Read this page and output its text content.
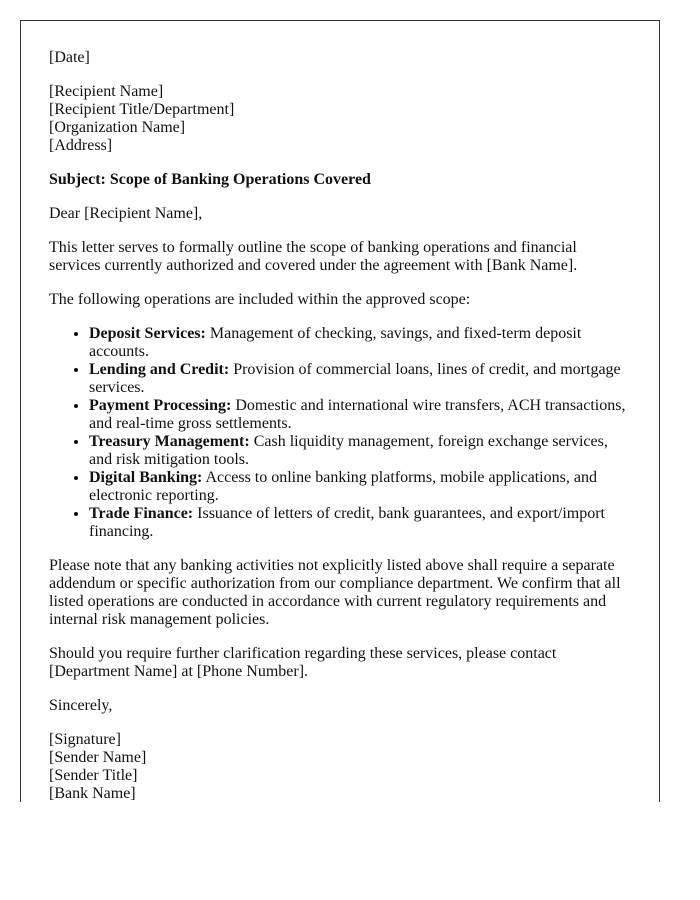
[Date]

[Recipient Name]
[Recipient Title/Department]
[Organization Name]
[Address]

Subject: Scope of Banking Operations Covered

Dear [Recipient Name],

This letter serves to formally outline the scope of banking operations and financial services currently authorized and covered under the agreement with [Bank Name].

The following operations are included within the approved scope:

• Deposit Services: Management of checking, savings, and fixed-term deposit accounts.
• Lending and Credit: Provision of commercial loans, lines of credit, and mortgage services.
• Payment Processing: Domestic and international wire transfers, ACH transactions, and real-time gross settlements.
• Treasury Management: Cash liquidity management, foreign exchange services, and risk mitigation tools.
• Digital Banking: Access to online banking platforms, mobile applications, and electronic reporting.
• Trade Finance: Issuance of letters of credit, bank guarantees, and export/import financing.

Please note that any banking activities not explicitly listed above shall require a separate addendum or specific authorization from our compliance department. We confirm that all listed operations are conducted in accordance with current regulatory requirements and internal risk management policies.

Should you require further clarification regarding these services, please contact [Department Name] at [Phone Number].

Sincerely,

[Signature]
[Sender Name]
[Sender Title]
[Bank Name]
